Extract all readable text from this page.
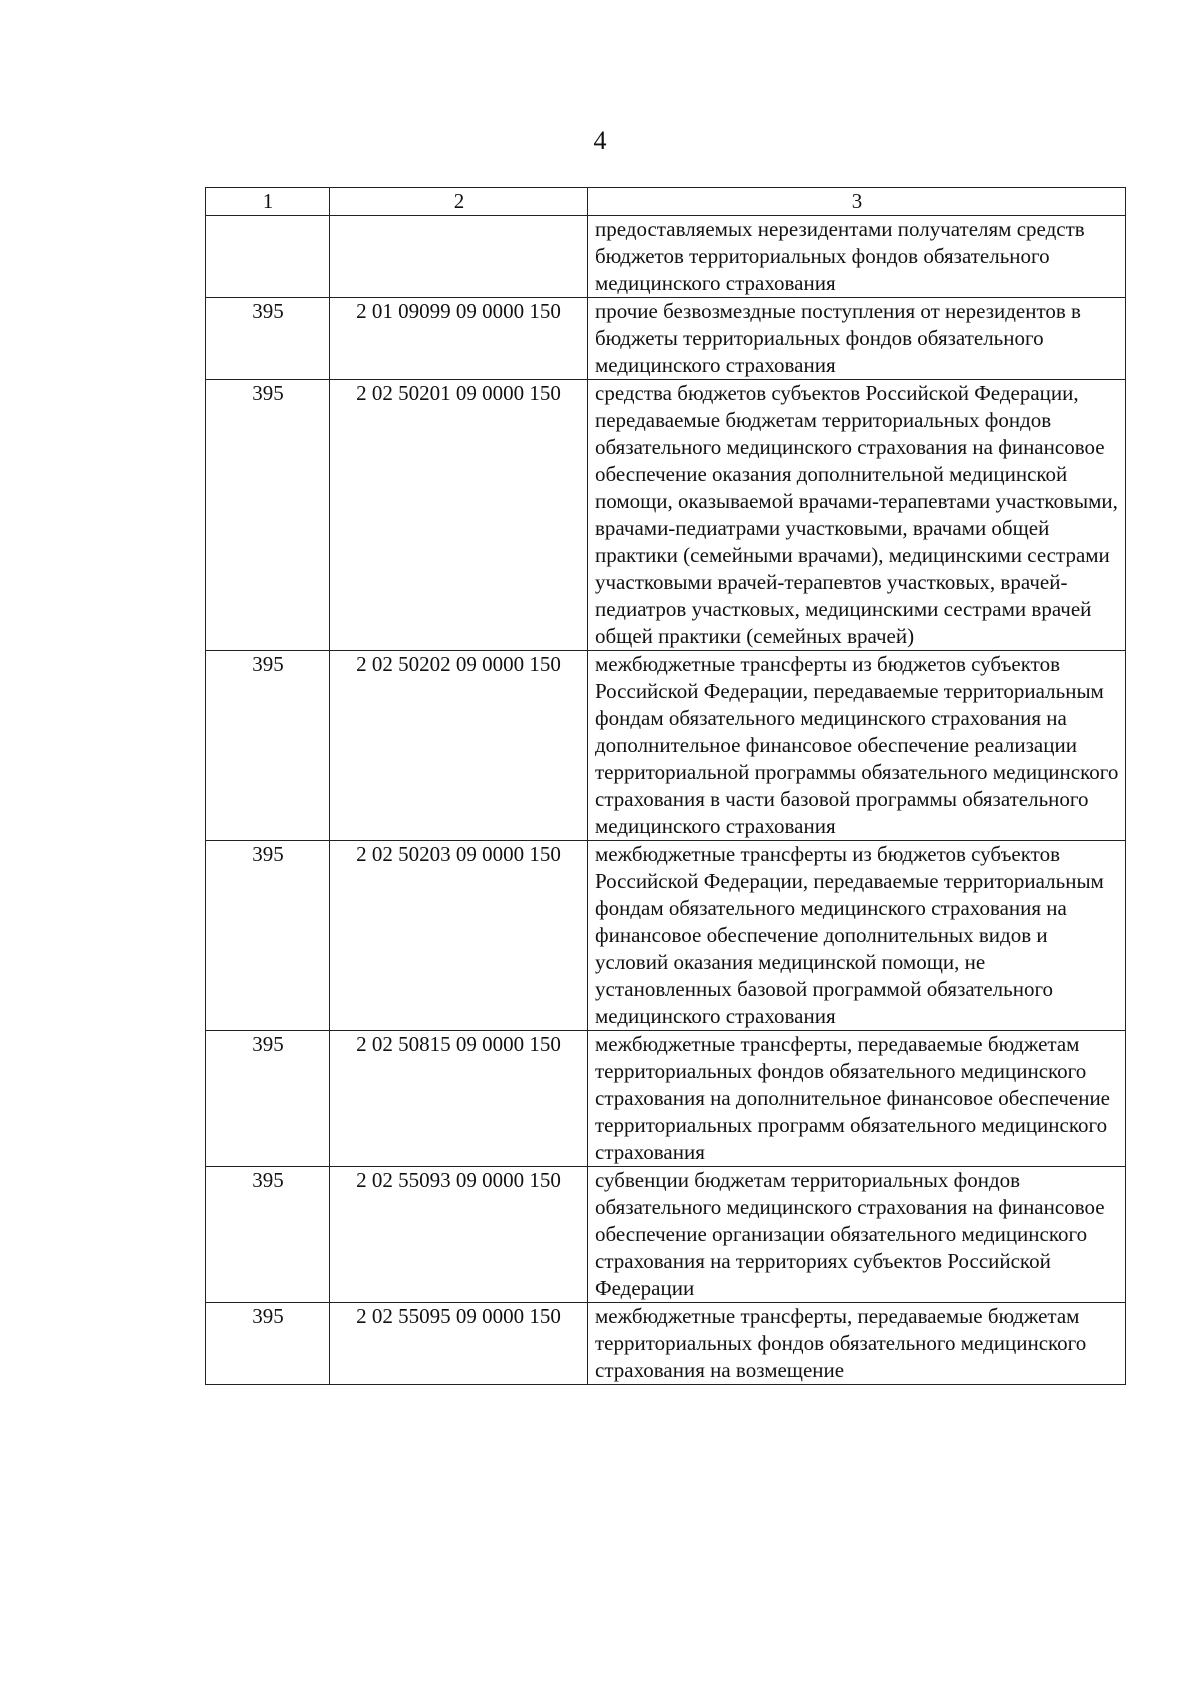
4
1	2	3
		предоставляемых нерезидентами получателям средств бюджетов территориальных фондов обязательного медицинского страхования
395	2 01 09099 09 0000 150	прочие безвозмездные поступления от нерезидентов в бюджеты территориальных фондов обязательного медицинского страхования
395	2 02 50201 09 0000 150	средства бюджетов субъектов Российской Федерации, передаваемые бюджетам территориальных фондов обязательного медицинского страхования на финансовое обеспечение оказания дополнительной медицинской помощи, оказываемой врачами-терапевтами участковыми, врачами-педиатрами участковыми, врачами общей практики (семейными врачами), медицинскими сестрами участковыми врачей-терапевтов участковых, врачей-педиатров участковых, медицинскими сестрами врачей общей практики (семейных врачей)
395	2 02 50202 09 0000 150	межбюджетные трансферты из бюджетов субъектов Российской Федерации, передаваемые территориальным фондам обязательного медицинского страхования на дополнительное финансовое обеспечение реализации территориальной программы обязательного медицинского страхования в части базовой программы обязательного медицинского страхования
395	2 02 50203 09 0000 150	межбюджетные трансферты из бюджетов субъектов Российской Федерации, передаваемые территориальным фондам обязательного медицинского страхования на финансовое обеспечение дополнительных видов и условий оказания медицинской помощи, не установленных базовой программой обязательного медицинского страхования
395	2 02 50815 09 0000 150	межбюджетные трансферты, передаваемые бюджетам территориальных фондов обязательного медицинского страхования на дополнительное финансовое обеспечение территориальных программ обязательного медицинского страхования
395	2 02 55093 09 0000 150	субвенции бюджетам территориальных фондов обязательного медицинского страхования на финансовое обеспечение организации обязательного медицинского страхования на территориях субъектов Российской Федерации
395	2 02 55095 09 0000 150	межбюджетные трансферты, передаваемые бюджетам территориальных фондов обязательного медицинского страхования на возмещение
